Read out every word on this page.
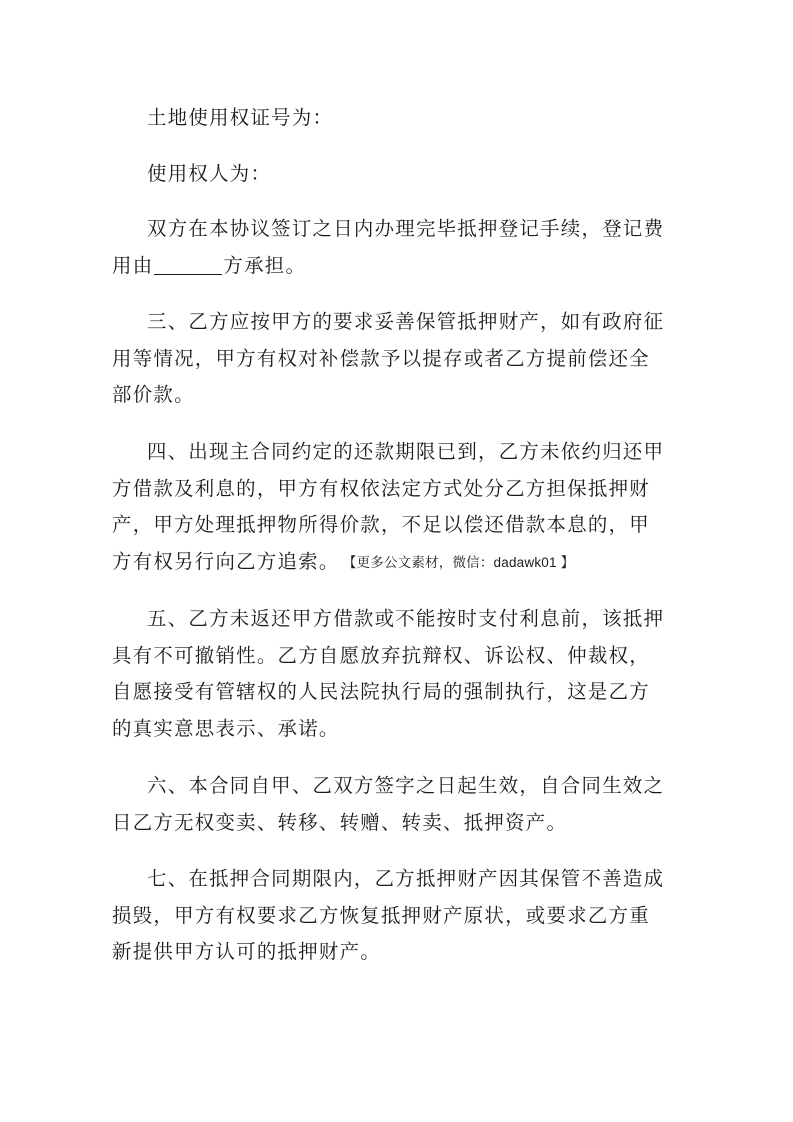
土地使用权证号为：

使用权人为：

双方在本协议签订之日内办理完毕抵押登记手续，登记费
用由	方承担。

三、乙方应按甲方的要求妥善保管抵押财产，如有政府征
用等情况，甲方有权对补偿款予以提存或者乙方提前偿还全
部价款。

四、出现主合同约定的还款期限已到，乙方未依约归还甲
方借款及利息的，甲方有权依法定方式处分乙方担保抵押财
产，甲方处理抵押物所得价款，不足以偿还借款本息的，甲
方有权另行向乙方追索。 【更多公文素材，微信：dadawk01 】

五、乙方未返还甲方借款或不能按时支付利息前，该抵押
具有不可撤销性。乙方自愿放弃抗辩权、诉讼权、仲裁权，
自愿接受有管辖权的人民法院执行局的强制执行，这是乙方
的真实意思表示、承诺。

六、本合同自甲、乙双方签字之日起生效，自合同生效之
日乙方无权变卖、转移、转赠、转卖、抵押资产。

七、在抵押合同期限内，乙方抵押财产因其保管不善造成
损毁，甲方有权要求乙方恢复抵押财产原状，或要求乙方重
新提供甲方认可的抵押财产。
